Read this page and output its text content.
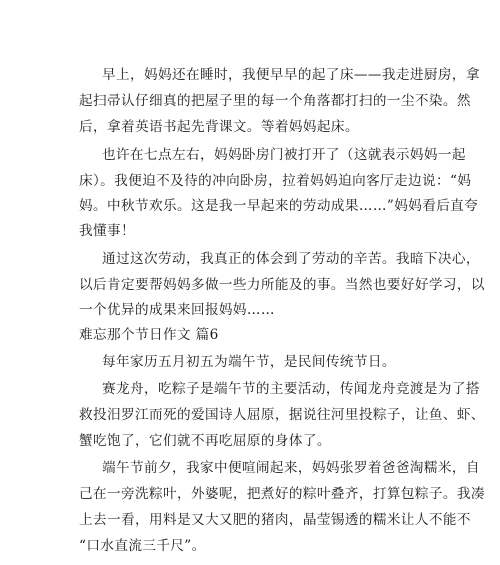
早上，妈妈还在睡时，我便早早的起了床——我走进厨房，拿
起扫帚认仔细真的把屋子里的每一个角落都打扫的一尘不染。然
后，拿着英语书起先背课文。等着妈妈起床。
也许在七点左右，妈妈卧房门被打开了（这就表示妈妈一起
床）。我便迫不及待的冲向卧房，拉着妈妈迫向客厅走边说：“妈
妈。中秋节欢乐。这是我一早起来的劳动成果……”妈妈看后直夸
我懂事！
通过这次劳动，我真正的体会到了劳动的辛苦。我暗下决心，
以后肯定要帮妈妈多做一些力所能及的事。当然也要好好学习，以
一个优异的成果来回报妈妈……
难忘那个节日作文 篇6
每年家历五月初五为端午节，是民间传统节日。
赛龙舟，吃粽子是端午节的主要活动，传闻龙舟竞渡是为了搭
救投汨罗江而死的爱国诗人屈原，据说往河里投粽子，让鱼、虾、
蟹吃饱了，它们就不再吃屈原的身体了。
端午节前夕，我家中便喧闹起来，妈妈张罗着爸爸淘糯米，自
己在一旁洗粽叶，外婆呢，把煮好的粽叶叠齐，打算包粽子。我凑
上去一看，用料是又大又肥的猪肉，晶莹锡透的糯米让人不能不
“口水直流三千尺”。
